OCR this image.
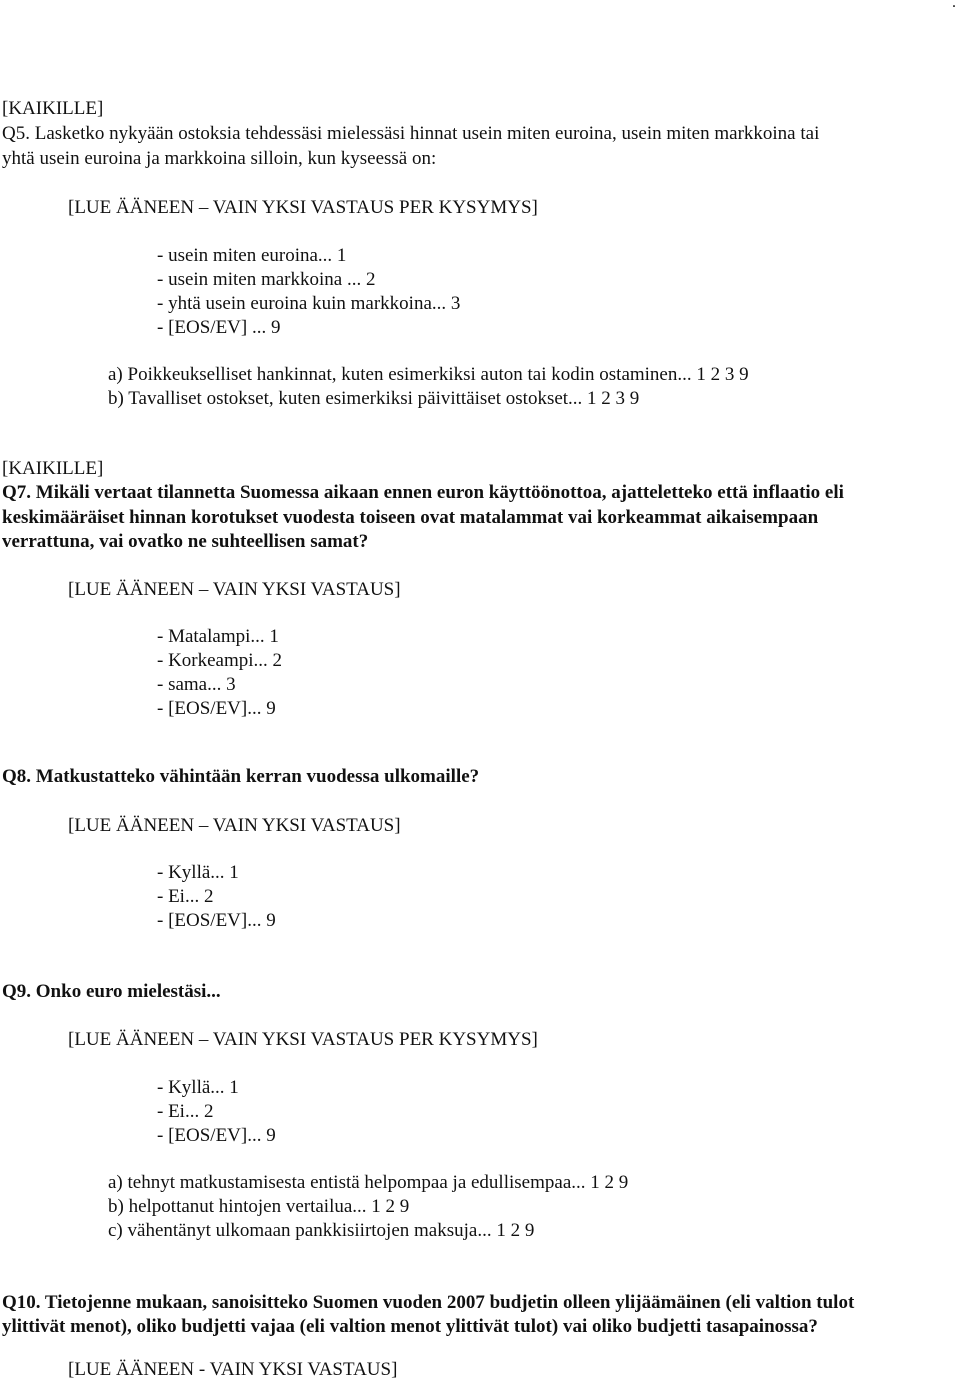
.
[KAIKILLE]
Q5. Lasketko nykyään ostoksia tehdessäsi mielessäsi hinnat usein miten euroina, usein miten markkoina tai
yhtä usein euroina ja markkoina silloin, kun kyseessä on:
[LUE ÄÄNEEN – VAIN YKSI VASTAUS PER KYSYMYS]
- usein miten euroina... 1
- usein miten markkoina ... 2
- yhtä usein euroina kuin markkoina... 3
- [EOS/EV] ... 9
a) Poikkeukselliset hankinnat, kuten esimerkiksi auton tai kodin ostaminen... 1 2 3 9
b) Tavalliset ostokset, kuten esimerkiksi päivittäiset ostokset... 1 2 3 9
[KAIKILLE]
Q7. Mikäli vertaat tilannetta Suomessa aikaan ennen euron käyttöönottoa, ajatteletteko että inflaatio eli
keskimääräiset hinnan korotukset vuodesta toiseen ovat matalammat vai korkeammat aikaisempaan
verrattuna, vai ovatko ne suhteellisen samat?
[LUE ÄÄNEEN – VAIN YKSI VASTAUS]
- Matalampi... 1
- Korkeampi... 2
- sama... 3
- [EOS/EV]... 9
Q8. Matkustatteko vähintään kerran vuodessa ulkomaille?
[LUE ÄÄNEEN – VAIN YKSI VASTAUS]
- Kyllä... 1
- Ei... 2
- [EOS/EV]... 9
Q9. Onko euro mielestäsi...
[LUE ÄÄNEEN – VAIN YKSI VASTAUS PER KYSYMYS]
- Kyllä... 1
- Ei... 2
- [EOS/EV]... 9
a) tehnyt matkustamisesta entistä helpompaa ja edullisempaa... 1 2 9
b) helpottanut hintojen vertailua... 1 2 9
c) vähentänyt ulkomaan pankkisiirtojen maksuja... 1 2 9
Q10. Tietojenne mukaan, sanoisitteko Suomen vuoden 2007 budjetin olleen ylijäämäinen (eli valtion tulot
ylittivät menot), oliko budjetti vajaa (eli valtion menot ylittivät tulot) vai oliko budjetti tasapainossa?
[LUE ÄÄNEEN - VAIN YKSI VASTAUS]
